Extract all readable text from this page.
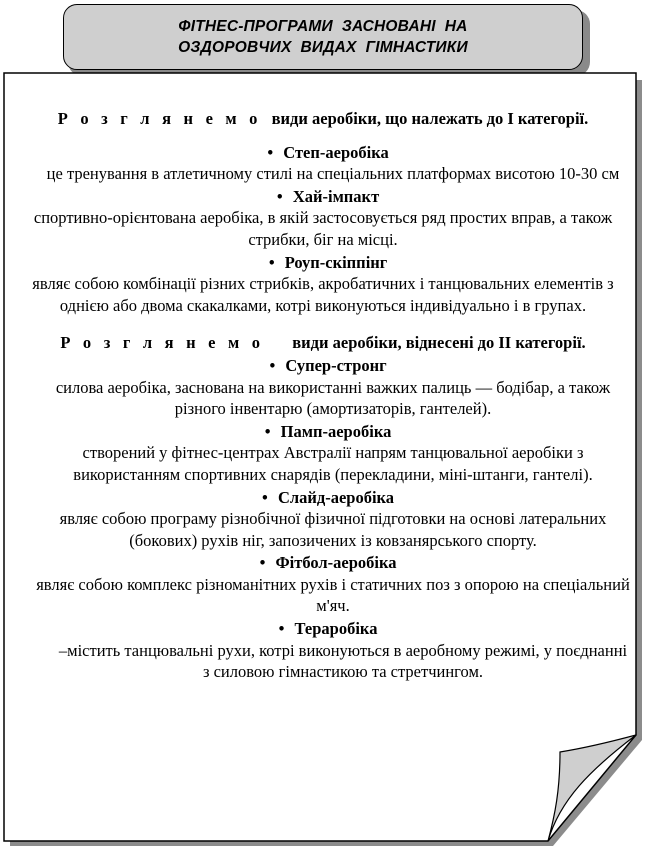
ФІТНЕС-ПРОГРАМИ  ЗАСНОВАНІ  НА
ОЗДОРОВЧИХ  ВИДАХ  ГІМНАСТИКИ
Р о з г л я н е м о види аеробіки, що належать до І категорії.
• Степ-аеробіка

це тренування в атлетичному стилі на спеціальних платформах висотою 10-30 см

• Хай-імпакт

спортивно-орієнтована аеробіка, в якій застосовується ряд простих вправ, а також стрибки, біг на місці.

• Роуп-скіппінг

являє собою комбінації різних стрибків, акробатичних і танцювальних елементів з однією або двома скакалками, котрі виконуються індивідуально і в групах.

Р о з г л я н е м о види аеробіки, віднесені до ІІ категорії.
• Супер-стронг

силова аеробіка, заснована на використанні важких палиць — бодібар, а також різного інвентарю (амортизаторів, гантелей).

• Памп-аеробіка

створений у фітнес-центрах Австралії напрям танцювальної аеробіки з використанням спортивних снарядів (перекладини, міні-штанги, гантелі).

• Слайд-аеробіка

являє собою програму різнобічної фізичної підготовки на основі латеральних (бокових) рухів ніг, запозичених із ковзанярського спорту.

• Фітбол-аеробіка

являє собою комплекс різноманітних рухів і статичних поз з опорою на спеціальний м'яч.

• Тераробіка

–містить танцювальні рухи, котрі виконуються в аеробному режимі, у поєднанні з силовою гімнастикою та стретчингом.
